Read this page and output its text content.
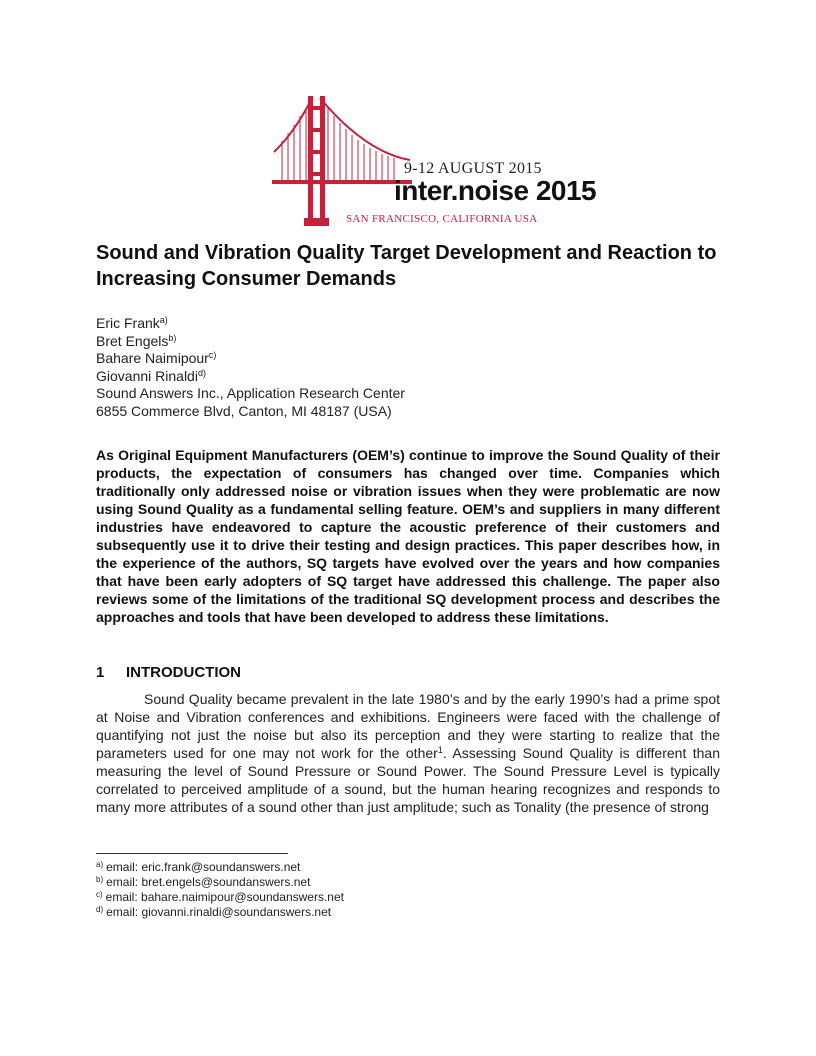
9-12 AUGUST 2015
inter.noise 2015
SAN FRANCISCO, CALIFORNIA USA
Sound and Vibration Quality Target Development and Reaction to Increasing Consumer Demands
Eric Frank$^{a)}$
Bret Engels$^{b)}$
Bahare Naimipour$^{c)}$
Giovanni Rinaldi$^{d)}$
Sound Answers Inc., Application Research Center
6855 Commerce Blvd, Canton, MI 48187 (USA)

As Original Equipment Manufacturers (OEM’s) continue to improve the Sound Quality of their products, the expectation of consumers has changed over time. Companies which traditionally only addressed noise or vibration issues when they were problematic are now using Sound Quality as a fundamental selling feature. OEM’s and suppliers in many different industries have endeavored to capture the acoustic preference of their customers and subsequently use it to drive their testing and design practices. This paper describes how, in the experience of the authors, SQ targets have evolved over the years and how companies that have been early adopters of SQ target have addressed this challenge. The paper also reviews some of the limitations of the traditional SQ development process and describes the approaches and tools that have been developed to address these limitations.

1 INTRODUCTION

Sound Quality became prevalent in the late 1980’s and by the early 1990’s had a prime spot at Noise and Vibration conferences and exhibitions. Engineers were faced with the challenge of quantifying not just the noise but also its perception and they were starting to realize that the parameters used for one may not work for the other$^1$. Assessing Sound Quality is different than measuring the level of Sound Pressure or Sound Power. The Sound Pressure Level is typically correlated to perceived amplitude of a sound, but the human hearing recognizes and responds to many more attributes of a sound other than just amplitude; such as Tonality (the presence of strong

$^{a)}$ email: eric.frank@soundanswers.net
$^{b)}$ email: bret.engels@soundanswers.net
$^{c)}$ email: bahare.naimipour@soundanswers.net
$^{d)}$ email: giovanni.rinaldi@soundanswers.net
